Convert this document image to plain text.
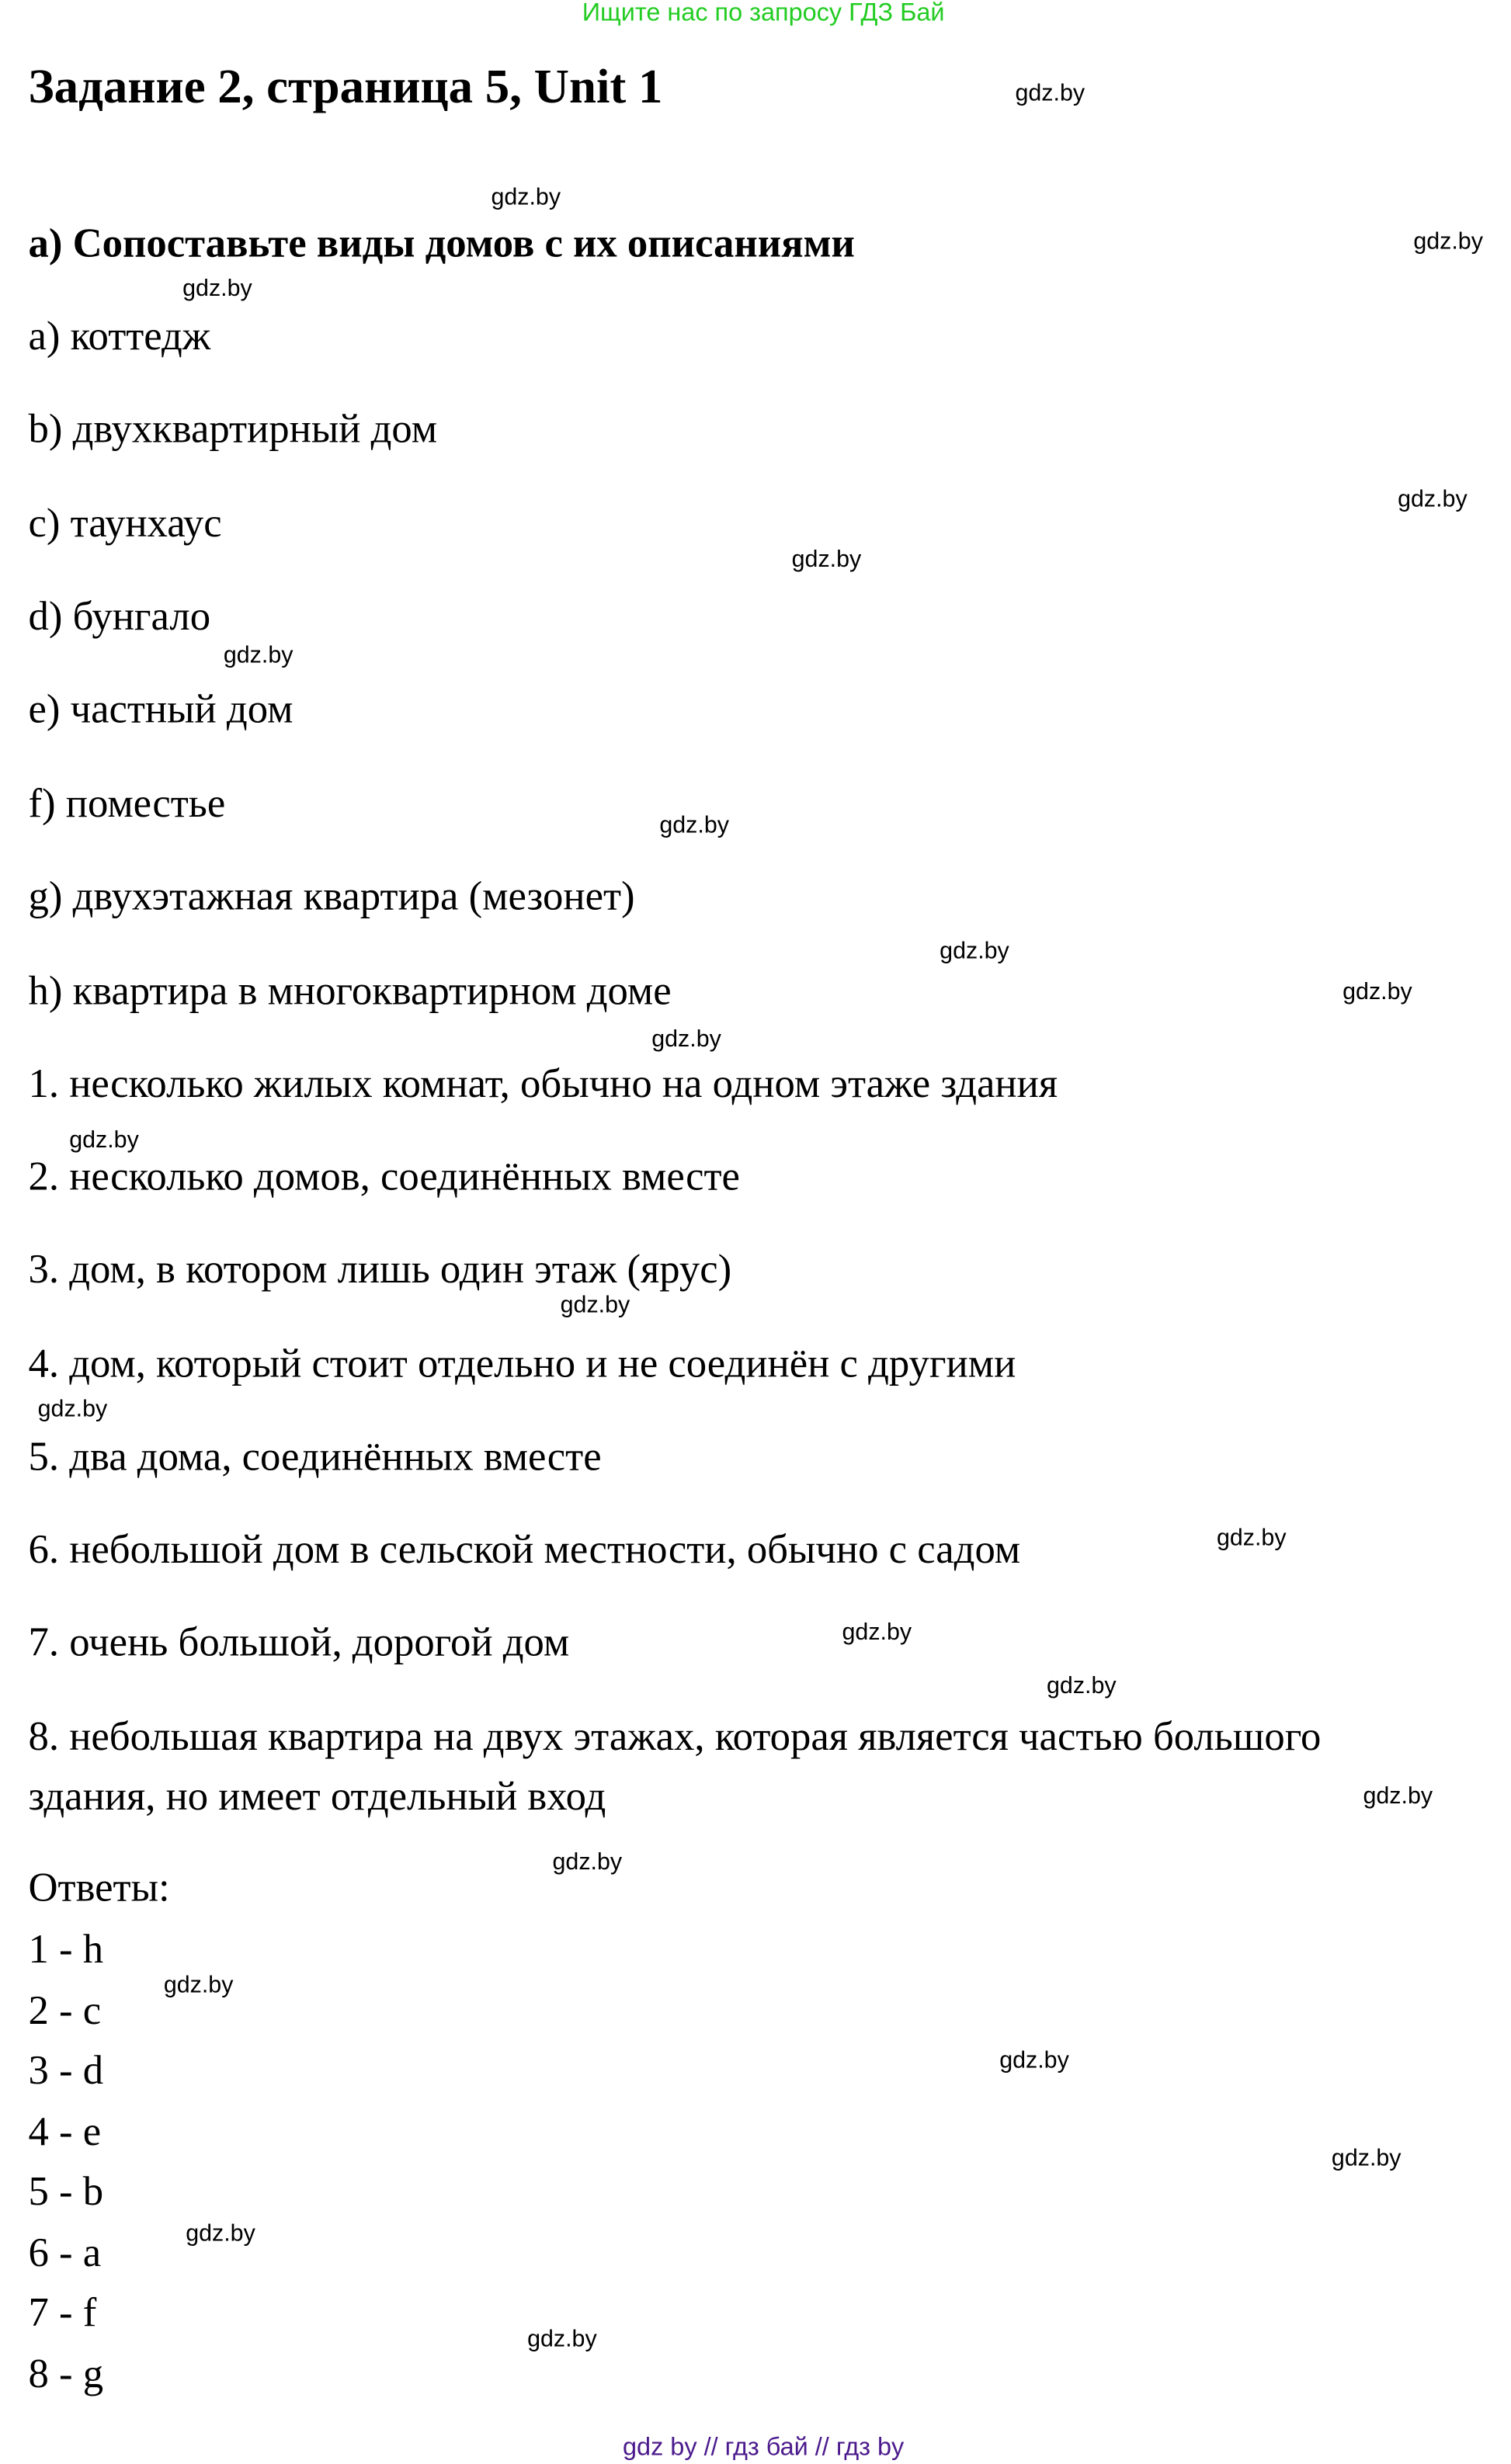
Ищите нас по запросу ГДЗ Бай
Задание 2, страница 5, Unit 1
а) Сопоставьте виды домов с их описаниями
а) коттедж
b) двухквартирный дом
c) таунхаус
d) бунгало
e) частный дом
f) поместье
g) двухэтажная квартира (мезонет)
h) квартира в многоквартирном доме
1. несколько жилых комнат, обычно на одном этаже здания
2. несколько домов, соединённых вместе
3. дом, в котором лишь один этаж (ярус)
4. дом, который стоит отдельно и не соединён с другими
5. два дома, соединённых вместе
6. небольшой дом в сельской местности, обычно с садом
7. очень большой, дорогой дом
8. небольшая квартира на двух этажах, которая является частью большого
здания, но имеет отдельный вход
Ответы:
1 - h
2 - c
3 - d
4 - e
5 - b
6 - a
7 - f
8 - g
gdz.by
gdz.by
gdz.by
gdz.by
gdz.by
gdz.by
gdz.by
gdz.by
gdz.by
gdz.by
gdz.by
gdz.by
gdz.by
gdz.by
gdz.by
gdz.by
gdz.by
gdz.by
gdz.by
gdz.by
gdz.by
gdz.by
gdz.by
gdz.by
gdz by // гдз бай // гдз by
